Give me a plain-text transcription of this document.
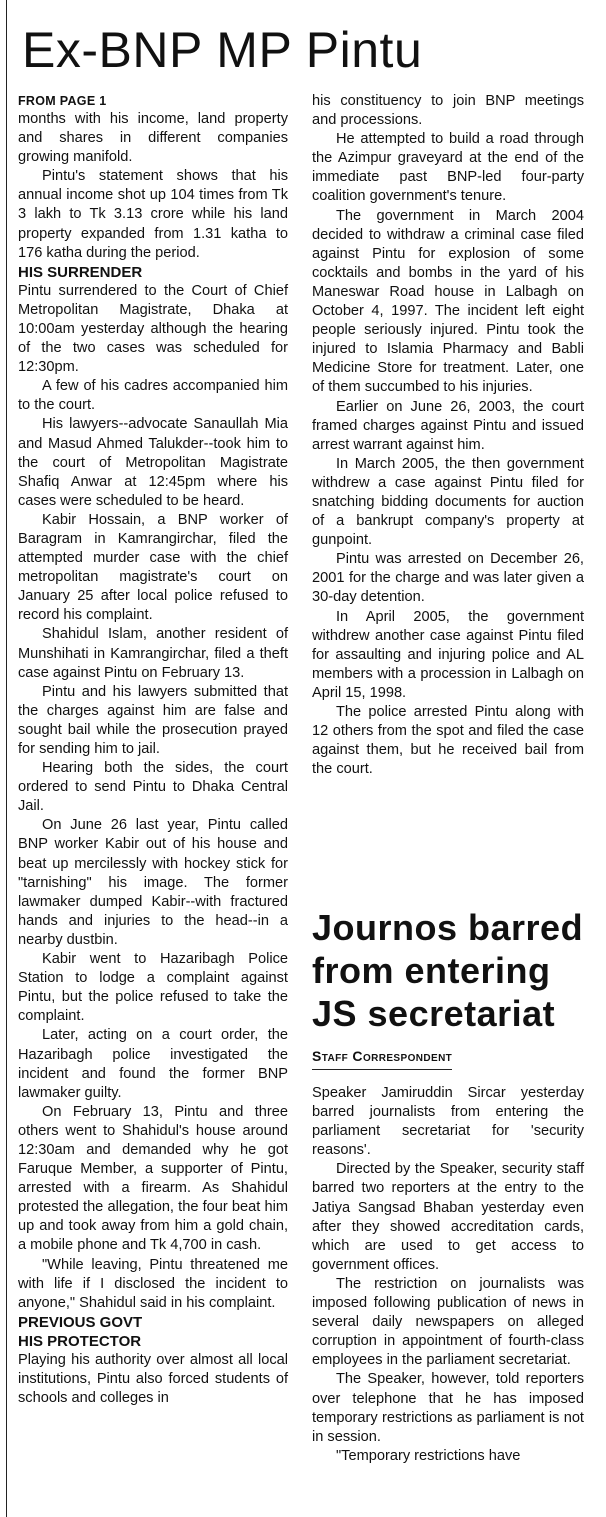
Ex-BNP MP Pintu
FROM PAGE 1

months with his income, land property and shares in different companies growing manifold.

Pintu's statement shows that his annual income shot up 104 times from Tk 3 lakh to Tk 3.13 crore while his land property expanded from 1.31 katha to 176 katha during the period.

HIS SURRENDER

Pintu surrendered to the Court of Chief Metropolitan Magistrate, Dhaka at 10:00am yesterday although the hearing of the two cases was scheduled for 12:30pm.

A few of his cadres accompanied him to the court.

His lawyers--advocate Sanaullah Mia and Masud Ahmed Talukder--took him to the court of Metropolitan Magistrate Shafiq Anwar at 12:45pm where his cases were scheduled to be heard.

Kabir Hossain, a BNP worker of Baragram in Kamrangirchar, filed the attempted murder case with the chief metropolitan magistrate's court on January 25 after local police refused to record his complaint.

Shahidul Islam, another resident of Munshihati in Kamrangirchar, filed a theft case against Pintu on February 13.

Pintu and his lawyers submitted that the charges against him are false and sought bail while the prosecution prayed for sending him to jail.

Hearing both the sides, the court ordered to send Pintu to Dhaka Central Jail.

On June 26 last year, Pintu called BNP worker Kabir out of his house and beat up mercilessly with hockey stick for "tarnishing" his image. The former lawmaker dumped Kabir--with fractured hands and injuries to the head--in a nearby dustbin.

Kabir went to Hazaribagh Police Station to lodge a complaint against Pintu, but the police refused to take the complaint.

Later, acting on a court order, the Hazaribagh police investigated the incident and found the former BNP lawmaker guilty.

On February 13, Pintu and three others went to Shahidul's house around 12:30am and demanded why he got Faruque Member, a supporter of Pintu, arrested with a firearm. As Shahidul protested the allegation, the four beat him up and took away from him a gold chain, a mobile phone and Tk 4,700 in cash.

"While leaving, Pintu threatened me with life if I disclosed the incident to anyone," Shahidul said in his complaint.

PREVIOUS GOVT
HIS PROTECTOR

Playing his authority over almost all local institutions, Pintu also forced students of schools and colleges in

his constituency to join BNP meetings and processions.

He attempted to build a road through the Azimpur graveyard at the end of the immediate past BNP-led four-party coalition government's tenure.

The government in March 2004 decided to withdraw a criminal case filed against Pintu for explosion of some cocktails and bombs in the yard of his Maneswar Road house in Lalbagh on October 4, 1997. The incident left eight people seriously injured. Pintu took the injured to Islamia Pharmacy and Babli Medicine Store for treatment. Later, one of them succumbed to his injuries.

Earlier on June 26, 2003, the court framed charges against Pintu and issued arrest warrant against him.

In March 2005, the then government withdrew a case against Pintu filed for snatching bidding documents for auction of a bankrupt company's property at gunpoint.

Pintu was arrested on December 26, 2001 for the charge and was later given a 30-day detention.

In April 2005, the government withdrew another case against Pintu filed for assaulting and injuring police and AL members with a procession in Lalbagh on April 15, 1998.

The police arrested Pintu along with 12 others from the spot and filed the case against them, but he received bail from the court.

Journos barred from entering JS secretariat
Staff Correspondent

Speaker Jamiruddin Sircar yesterday barred journalists from entering the parliament secretariat for 'security reasons'.

Directed by the Speaker, security staff barred two reporters at the entry to the Jatiya Sangsad Bhaban yesterday even after they showed accreditation cards, which are used to get access to government offices.

The restriction on journalists was imposed following publication of news in several daily newspapers on alleged corruption in appointment of fourth-class employees in the parliament secretariat.

The Speaker, however, told reporters over telephone that he has imposed temporary restrictions as parliament is not in session.

"Temporary restrictions have
